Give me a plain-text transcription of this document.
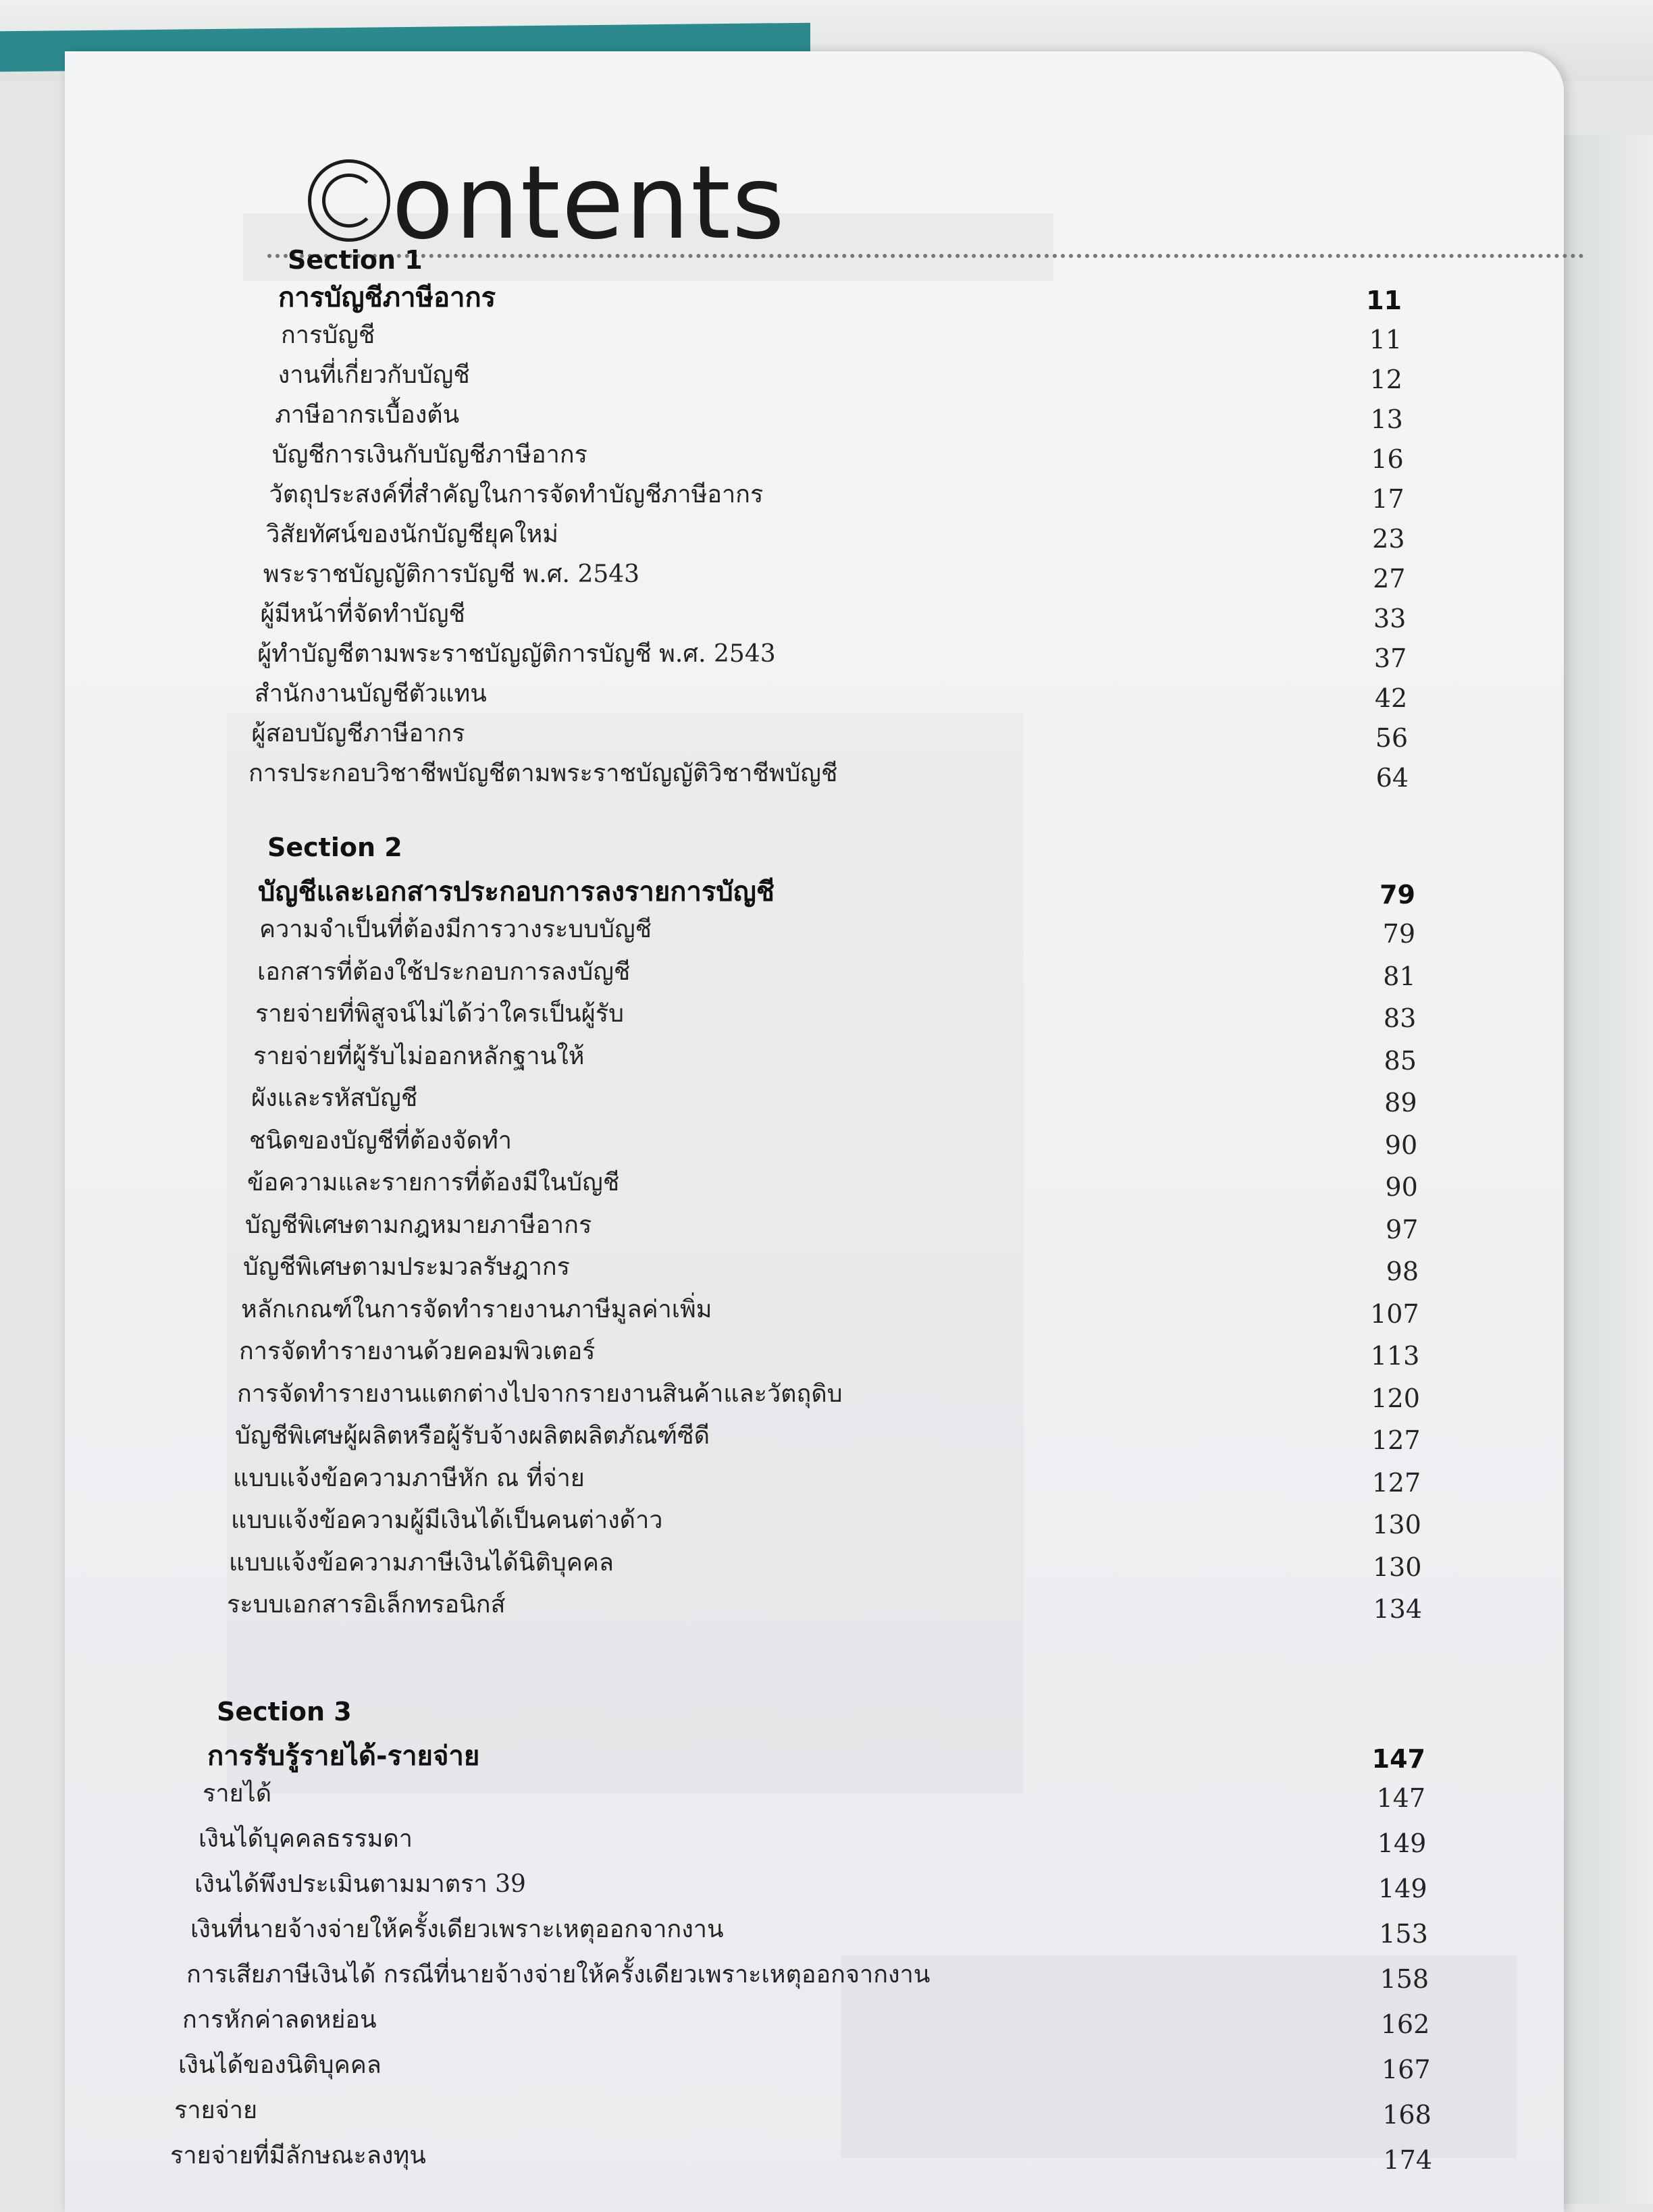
ontents
Section 1
การบัญชีภาษีอากร	11
การบัญชี	11
งานที่เกี่ยวกับบัญชี	12
ภาษีอากรเบื้องต้น	13
บัญชีการเงินกับบัญชีภาษีอากร	16
วัตถุประสงค์ที่สำคัญในการจัดทำบัญชีภาษีอากร	17
วิสัยทัศน์ของนักบัญชียุคใหม่	23
พระราชบัญญัติการบัญชี พ.ศ. 2543	27
ผู้มีหน้าที่จัดทำบัญชี	33
ผู้ทำบัญชีตามพระราชบัญญัติการบัญชี พ.ศ. 2543	37
สำนักงานบัญชีตัวแทน	42
ผู้สอบบัญชีภาษีอากร	56
การประกอบวิชาชีพบัญชีตามพระราชบัญญัติวิชาชีพบัญชี	64
Section 2
บัญชีและเอกสารประกอบการลงรายการบัญชี	79
ความจำเป็นที่ต้องมีการวางระบบบัญชี	79
เอกสารที่ต้องใช้ประกอบการลงบัญชี	81
รายจ่ายที่พิสูจน์ไม่ได้ว่าใครเป็นผู้รับ	83
รายจ่ายที่ผู้รับไม่ออกหลักฐานให้	85
ผังและรหัสบัญชี	89
ชนิดของบัญชีที่ต้องจัดทำ	90
ข้อความและรายการที่ต้องมีในบัญชี	90
บัญชีพิเศษตามกฎหมายภาษีอากร	97
บัญชีพิเศษตามประมวลรัษฎากร	98
หลักเกณฑ์ในการจัดทำรายงานภาษีมูลค่าเพิ่ม	107
การจัดทำรายงานด้วยคอมพิวเตอร์	113
การจัดทำรายงานแตกต่างไปจากรายงานสินค้าและวัตถุดิบ	120
บัญชีพิเศษผู้ผลิตหรือผู้รับจ้างผลิตผลิตภัณฑ์ซีดี	127
แบบแจ้งข้อความภาษีหัก ณ ที่จ่าย	127
แบบแจ้งข้อความผู้มีเงินได้เป็นคนต่างด้าว	130
แบบแจ้งข้อความภาษีเงินได้นิติบุคคล	130
ระบบเอกสารอิเล็กทรอนิกส์	134
Section 3
การรับรู้รายได้-รายจ่าย	147
รายได้	147
เงินได้บุคคลธรรมดา	149
เงินได้พึงประเมินตามมาตรา 39	149
เงินที่นายจ้างจ่ายให้ครั้งเดียวเพราะเหตุออกจากงาน	153
การเสียภาษีเงินได้ กรณีที่นายจ้างจ่ายให้ครั้งเดียวเพราะเหตุออกจากงาน	158
การหักค่าลดหย่อน	162
เงินได้ของนิติบุคคล	167
รายจ่าย	168
รายจ่ายที่มีลักษณะลงทุน	174
